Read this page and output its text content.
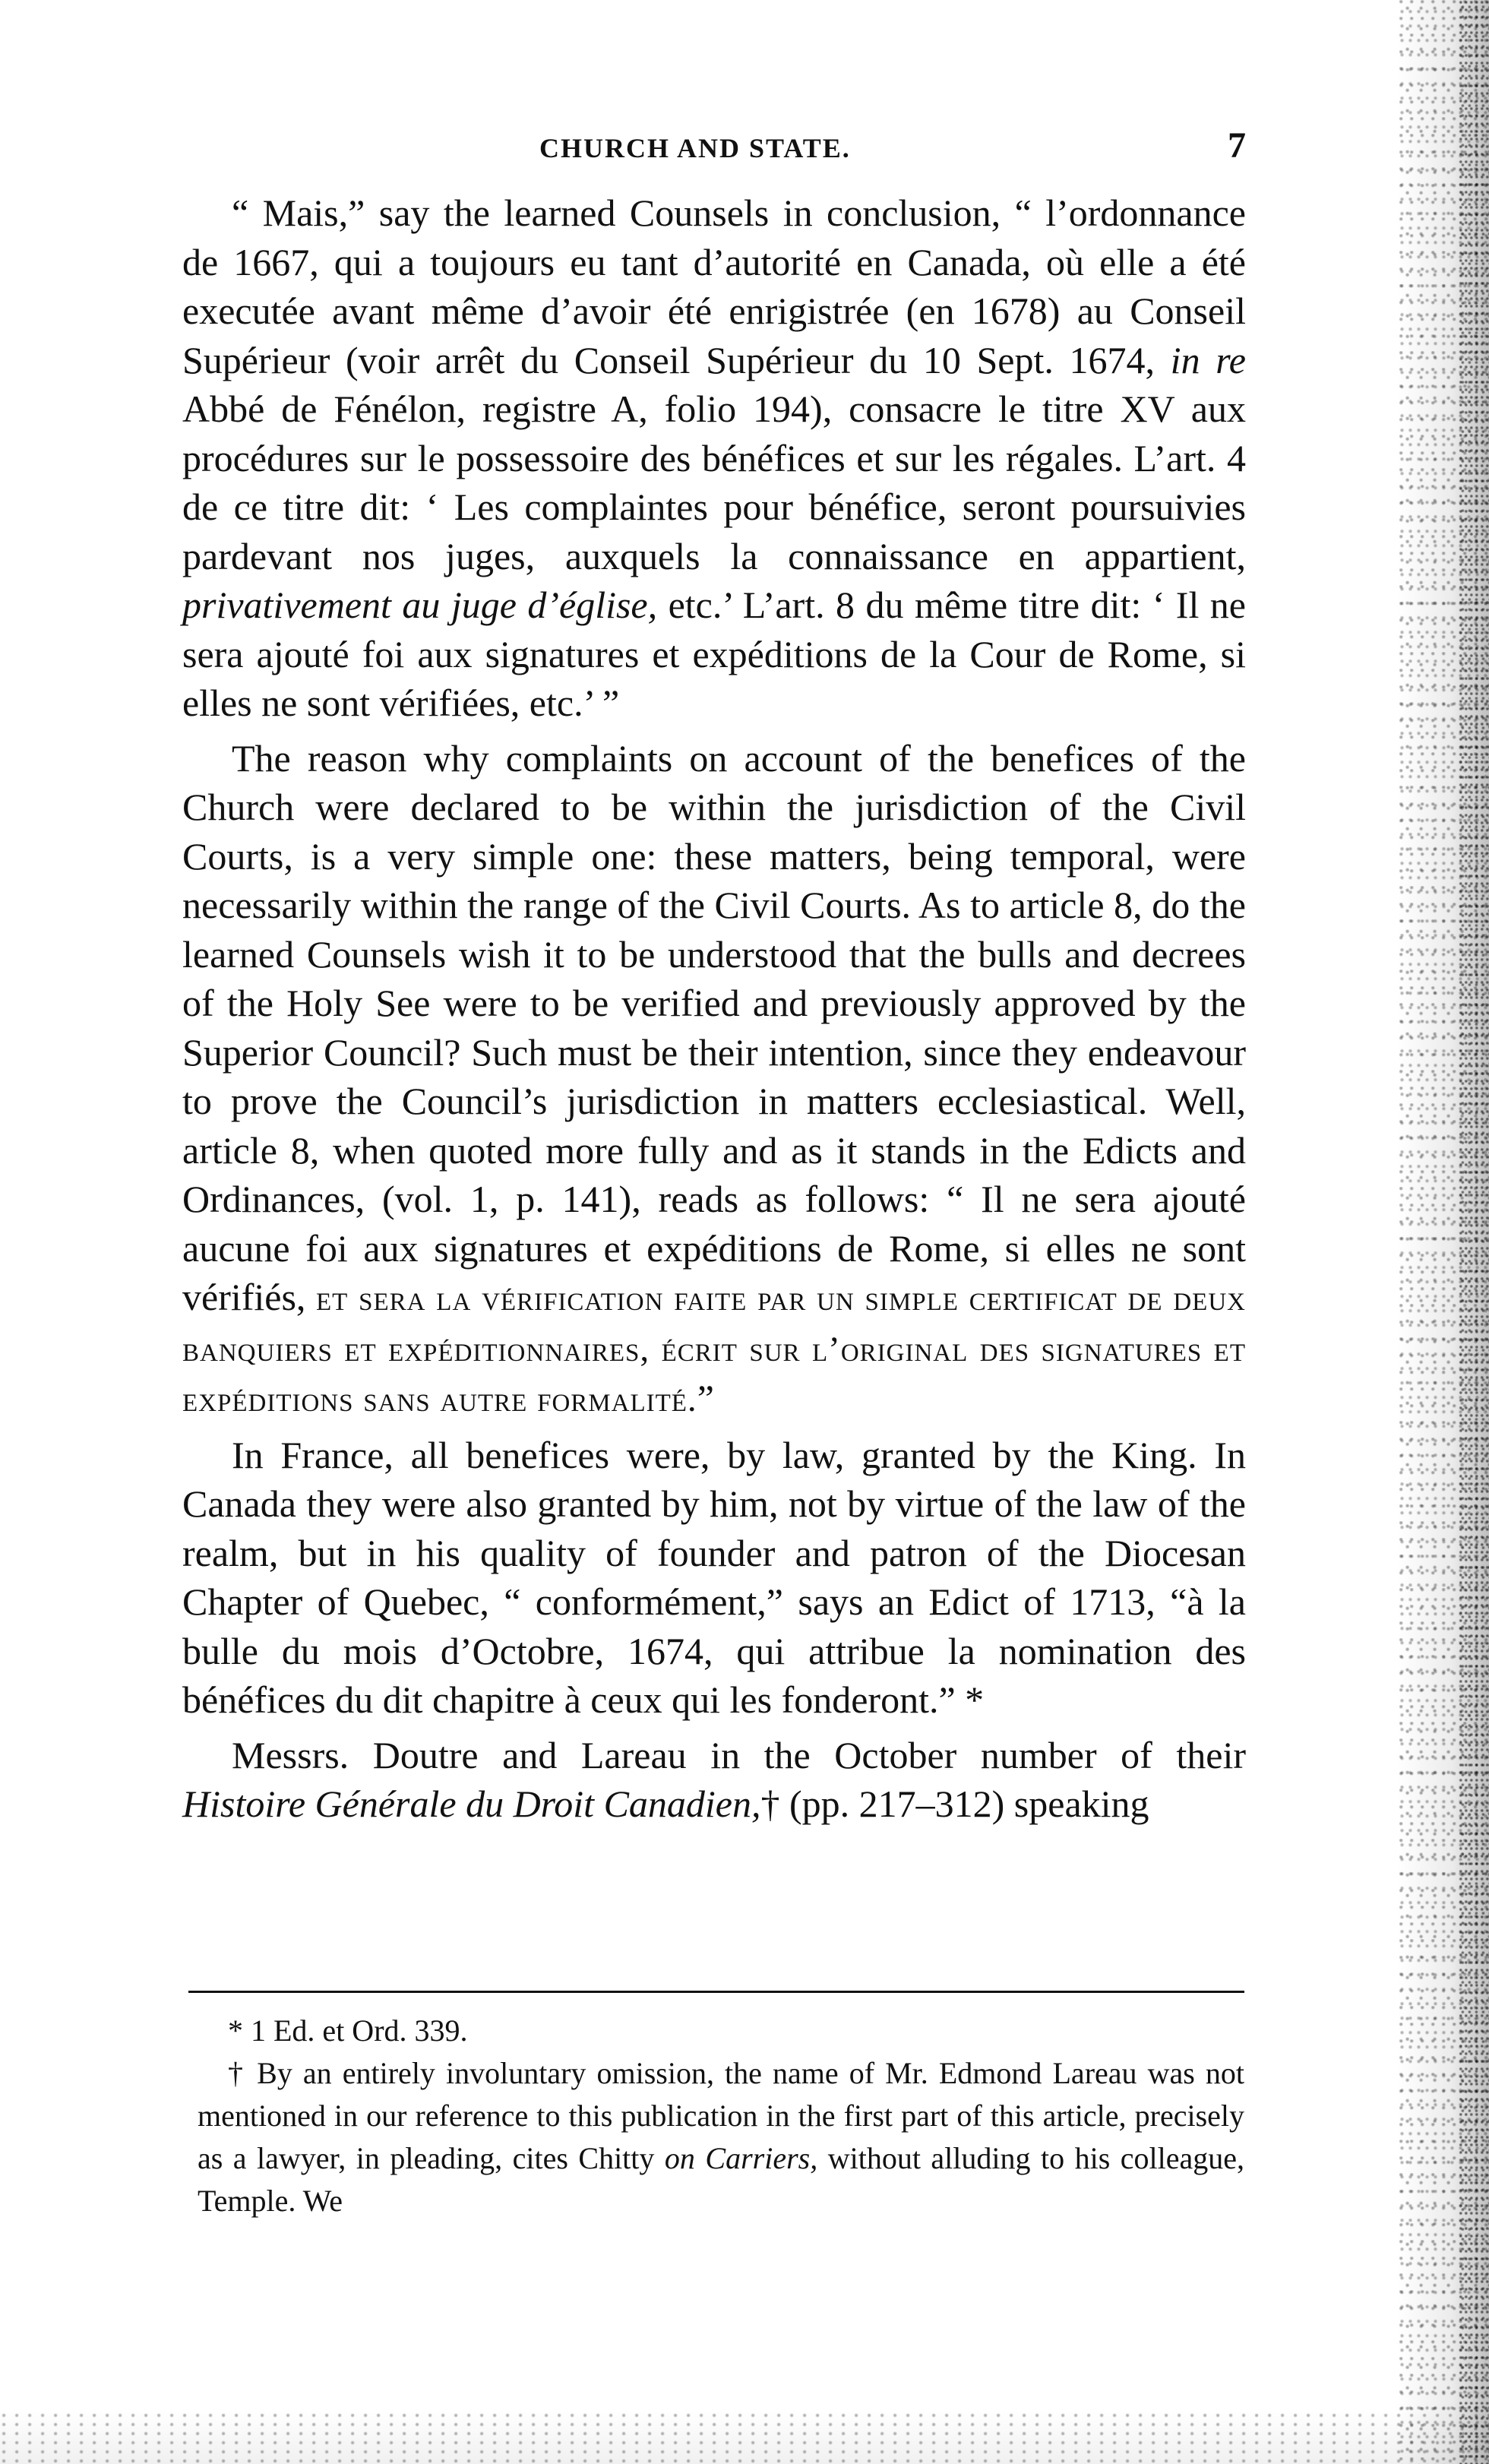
CHURCH AND STATE.	7

“ Mais,” say the learned Counsels in conclusion, “ l’ordonnance de 1667, qui a toujours eu tant d’autorité en Canada, où elle a été executée avant même d’avoir été enrigistrée (en 1678) au Conseil Supérieur (voir arrêt du Conseil Supérieur du 10 Sept. 1674, in re Abbé de Fénélon, registre A, folio 194), consacre le titre XV aux procédures sur le possessoire des bénéfices et sur les régales. L’art. 4 de ce titre dit: ‘ Les complaintes pour bénéfice, seront poursuivies pardevant nos juges, auxquels la connaissance en appartient, privativement au juge d’église, etc.’ L’art. 8 du même titre dit: ‘ Il ne sera ajouté foi aux signatures et expéditions de la Cour de Rome, si elles ne sont vérifiées, etc.’ ”

The reason why complaints on account of the benefices of the Church were declared to be within the jurisdiction of the Civil Courts, is a very simple one: these matters, being temporal, were necessarily within the range of the Civil Courts. As to article 8, do the learned Counsels wish it to be understood that the bulls and decrees of the Holy See were to be verified and previously approved by the Superior Council? Such must be their intention, since they endeavour to prove the Council’s jurisdiction in matters ecclesiastical. Well, article 8, when quoted more fully and as it stands in the Edicts and Ordinances, (vol. 1, p. 141), reads as follows: “ Il ne sera ajouté aucune foi aux signatures et expéditions de Rome, si elles ne sont vérifiés, et sera la vérification faite par un simple certificat de deux banquiers et expéditionnaires, écrit sur l’original des signatures et expéditions sans autre formalité.”

In France, all benefices were, by law, granted by the King. In Canada they were also granted by him, not by virtue of the law of the realm, but in his quality of founder and patron of the Diocesan Chapter of Quebec, “ conformément,” says an Edict of 1713, “à la bulle du mois d’Octobre, 1674, qui attribue la nomination des bénéfices du dit chapitre à ceux qui les fonderont.” *

Messrs. Doutre and Lareau in the October number of their Histoire Générale du Droit Canadien,† (pp. 217–312) speaking

* 1 Ed. et Ord. 339.

† By an entirely involuntary omission, the name of Mr. Edmond Lareau was not mentioned in our reference to this publication in the first part of this article, precisely as a lawyer, in pleading, cites Chitty on Carriers, without alluding to his colleague, Temple. We
